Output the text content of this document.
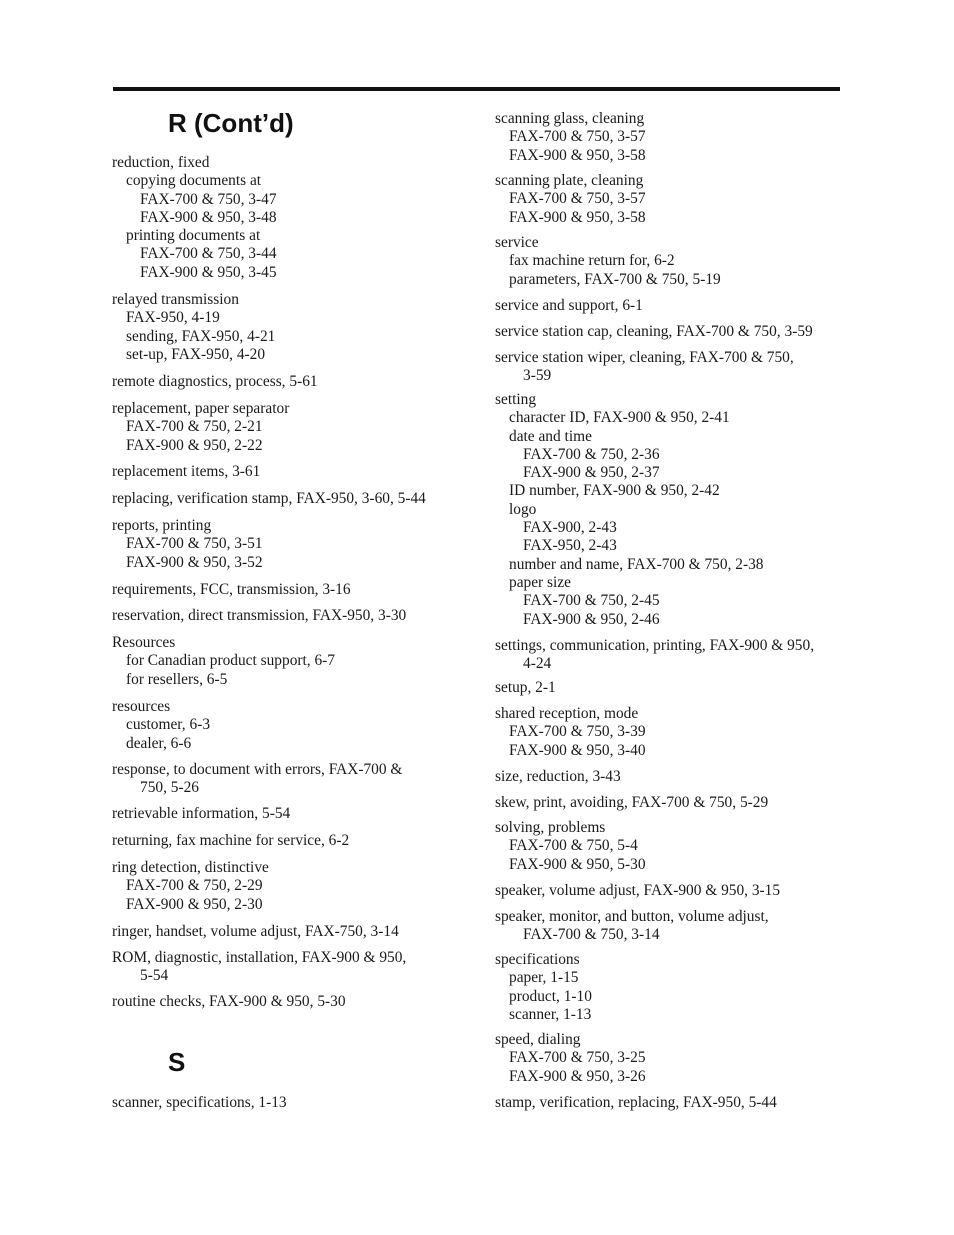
R (Cont’d)
S
reduction, fixed
copying documents at
FAX-700 & 750, 3-47
FAX-900 & 950, 3-48
printing documents at
FAX-700 & 750, 3-44
FAX-900 & 950, 3-45
relayed transmission
FAX-950, 4-19
sending, FAX-950, 4-21
set-up, FAX-950, 4-20
remote diagnostics, process, 5-61
replacement, paper separator
FAX-700 & 750, 2-21
FAX-900 & 950, 2-22
replacement items, 3-61
replacing, verification stamp, FAX-950, 3-60, 5-44
reports, printing
FAX-700 & 750, 3-51
FAX-900 & 950, 3-52
requirements, FCC, transmission, 3-16
reservation, direct transmission, FAX-950, 3-30
Resources
for Canadian product support, 6-7
for resellers, 6-5
resources
customer, 6-3
dealer, 6-6
response, to document with errors, FAX-700 &
750, 5-26
retrievable information, 5-54
returning, fax machine for service, 6-2
ring detection, distinctive
FAX-700 & 750, 2-29
FAX-900 & 950, 2-30
ringer, handset, volume adjust, FAX-750, 3-14
ROM, diagnostic, installation, FAX-900 & 950,
5-54
routine checks, FAX-900 & 950, 5-30
scanner, specifications, 1-13
scanning glass, cleaning
FAX-700 & 750, 3-57
FAX-900 & 950, 3-58
scanning plate, cleaning
FAX-700 & 750, 3-57
FAX-900 & 950, 3-58
service
fax machine return for, 6-2
parameters, FAX-700 & 750, 5-19
service and support, 6-1
service station cap, cleaning, FAX-700 & 750, 3-59
service station wiper, cleaning, FAX-700 & 750,
3-59
setting
character ID, FAX-900 & 950, 2-41
date and time
FAX-700 & 750, 2-36
FAX-900 & 950, 2-37
ID number, FAX-900 & 950, 2-42
logo
FAX-900, 2-43
FAX-950, 2-43
number and name, FAX-700 & 750, 2-38
paper size
FAX-700 & 750, 2-45
FAX-900 & 950, 2-46
settings, communication, printing, FAX-900 & 950,
4-24
setup, 2-1
shared reception, mode
FAX-700 & 750, 3-39
FAX-900 & 950, 3-40
size, reduction, 3-43
skew, print, avoiding, FAX-700 & 750, 5-29
solving, problems
FAX-700 & 750, 5-4
FAX-900 & 950, 5-30
speaker, volume adjust, FAX-900 & 950, 3-15
speaker, monitor, and button, volume adjust,
FAX-700 & 750, 3-14
specifications
paper, 1-15
product, 1-10
scanner, 1-13
speed, dialing
FAX-700 & 750, 3-25
FAX-900 & 950, 3-26
stamp, verification, replacing, FAX-950, 5-44
